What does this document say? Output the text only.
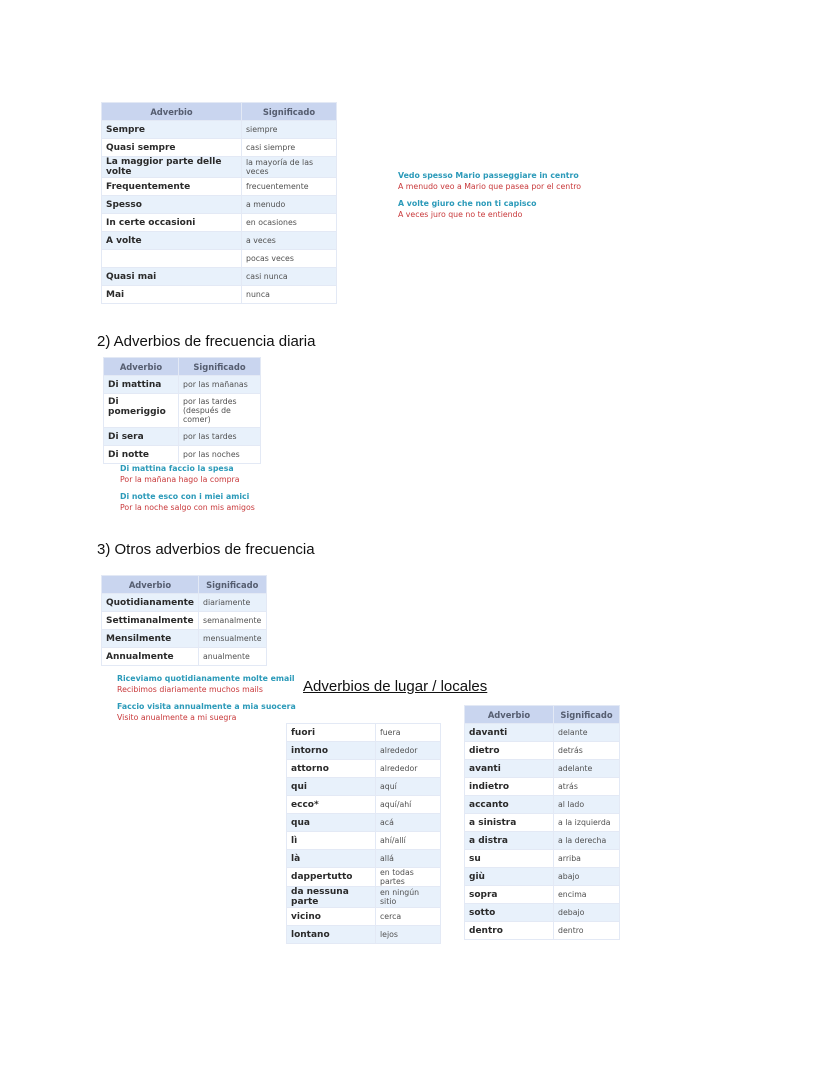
Adverbio	Significado
Sempre	siempre
Quasi sempre	casi siempre
La maggior parte delle volte	la mayoría de las veces
Frequentemente	frecuentemente
Spesso	a menudo
In certe occasioni	en ocasiones
A volte	a veces
	pocas veces
Quasi mai	casi nunca
Mai	nunca
Vedo spesso Mario passeggiare in centro
A menudo veo a Mario que pasea por el centro
A volte giuro che non ti capisco
A veces juro que no te entiendo
2) Adverbios de frecuencia diaria
Adverbio	Significado
Di mattina	por las mañanas
Di pomeriggio	por las tardes (después de comer)
Di sera	por las tardes
Di notte	por las noches
Di mattina faccio la spesa
Por la mañana hago la compra
Di notte esco con i miei amici
Por la noche salgo con mis amigos
3) Otros adverbios de frecuencia
Adverbio	Significado
Quotidianamente	diariamente
Settimanalmente	semanalmente
Mensilmente	mensualmente
Annualmente	anualmente
Riceviamo quotidianamente molte email
Recibimos diariamente muchos mails
Faccio visita annualmente a mia suocera
Visito anualmente a mi suegra
Adverbios de lugar / locales
fuori	fuera
intorno	alrededor
attorno	alrededor
qui	aquí
ecco*	aquí/ahí
qua	acá
lì	ahí/allí
là	allá
dappertutto	en todas partes
da nessuna parte	en ningún sitio
vicino	cerca
lontano	lejos
Adverbio	Significado
davanti	delante
dietro	detrás
avanti	adelante
indietro	atrás
accanto	al lado
a sinistra	a la izquierda
a distra	a la derecha
su	arriba
giù	abajo
sopra	encima
sotto	debajo
dentro	dentro
